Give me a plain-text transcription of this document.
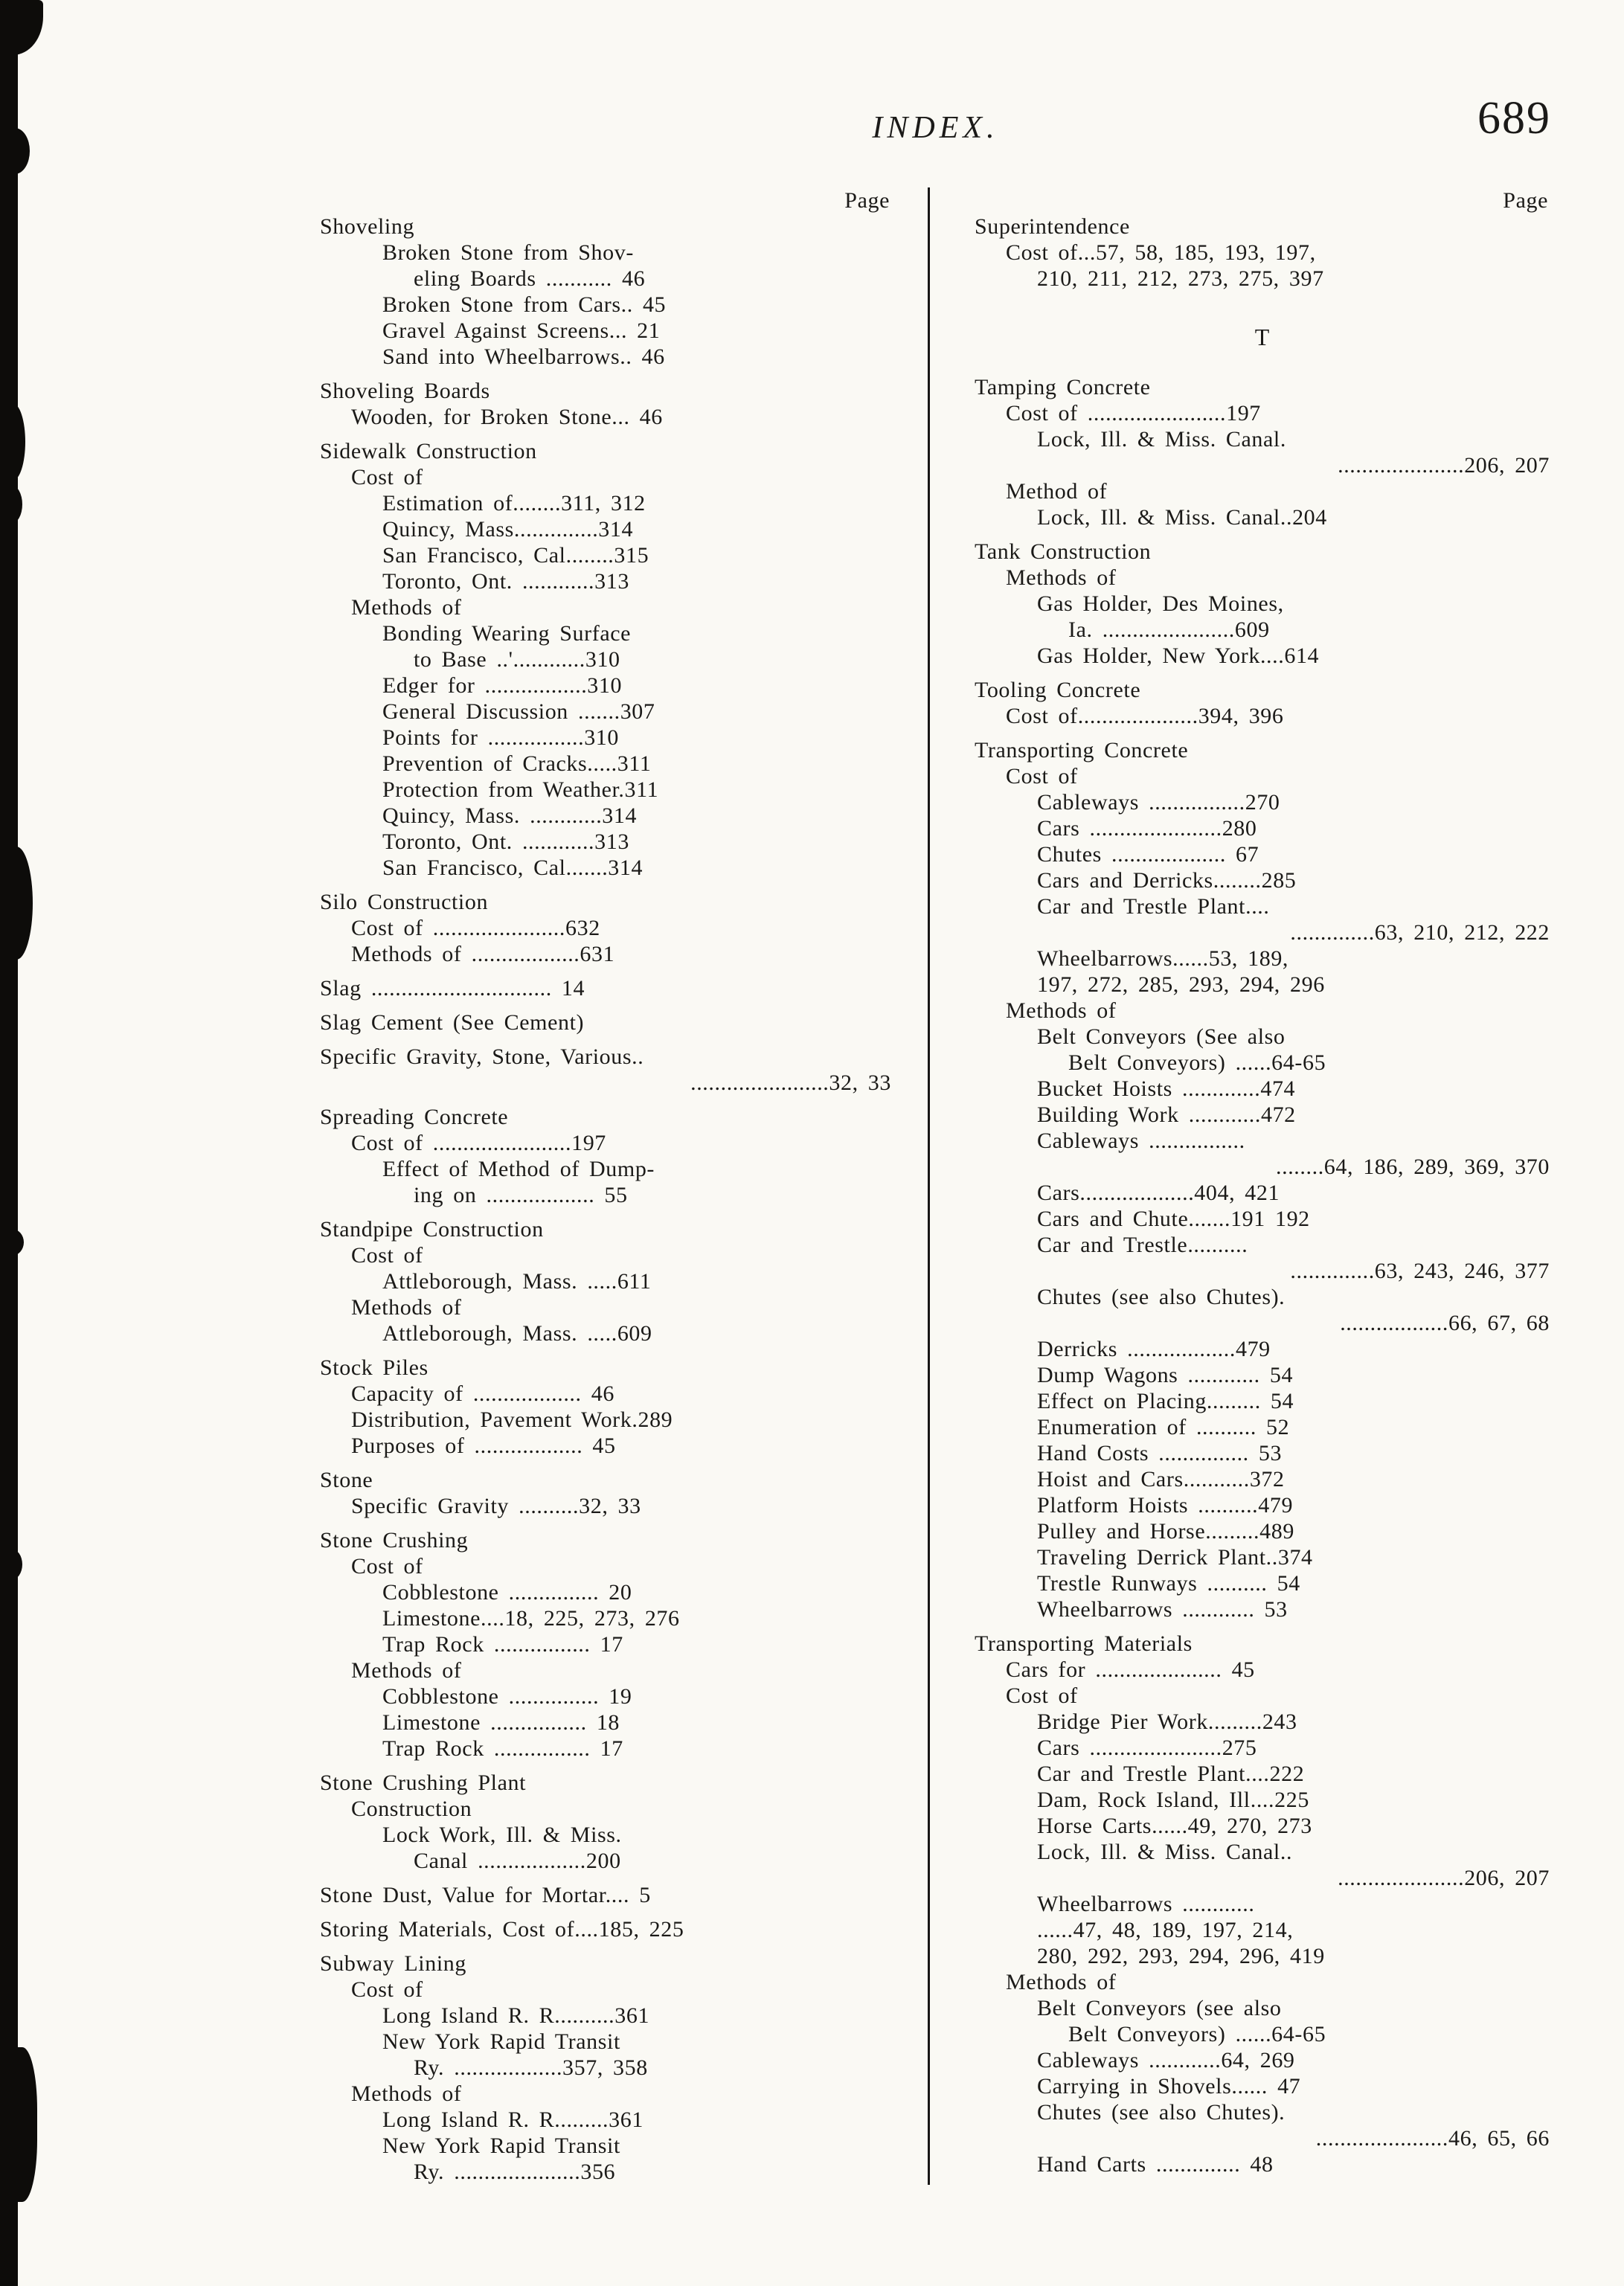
INDEX.	689
Page
Shoveling
Broken Stone from Shov-
eling Boards ........... 46
Broken Stone from Cars.. 45
Gravel Against Screens... 21
Sand into Wheelbarrows.. 46
Shoveling Boards
Wooden, for Broken Stone... 46
Sidewalk Construction
Cost of
Estimation of........311, 312
Quincy, Mass..............314
San Francisco, Cal........315
Toronto, Ont. ............313
Methods of
Bonding Wearing Surface
to Base ..'............310
Edger for .................310
General Discussion .......307
Points for ................310
Prevention of Cracks.....311
Protection from Weather.311
Quincy, Mass. ............314
Toronto, Ont. ............313
San Francisco, Cal.......314
Silo Construction
Cost of ......................632
Methods of ..................631
Slag .............................. 14
Slag Cement (See Cement)
Specific Gravity, Stone, Various..
.......................32, 33
Spreading Concrete
Cost of .......................197
Effect of Method of Dump-
ing on .................. 55
Standpipe Construction
Cost of
Attleborough, Mass. .....611
Methods of
Attleborough, Mass. .....609
Stock Piles
Capacity of .................. 46
Distribution, Pavement Work.289
Purposes of .................. 45
Stone
Specific Gravity ..........32, 33
Stone Crushing
Cost of
Cobblestone ............... 20
Limestone....18, 225, 273, 276
Trap Rock ................ 17
Methods of
Cobblestone ............... 19
Limestone ................ 18
Trap Rock ................ 17
Stone Crushing Plant
Construction
Lock Work, Ill. & Miss.
Canal ..................200
Stone Dust, Value for Mortar.... 5
Storing Materials, Cost of....185, 225
Subway Lining
Cost of
Long Island R. R..........361
New York Rapid Transit
Ry. ..................357, 358
Methods of
Long Island R. R.........361
New York Rapid Transit
Ry. .....................356
Page
Superintendence
Cost of...57, 58, 185, 193, 197,
210, 211, 212, 273, 275, 397
T
Tamping Concrete
Cost of .......................197
Lock, Ill. & Miss. Canal.
.....................206, 207
Method of
Lock, Ill. & Miss. Canal..204
Tank Construction
Methods of
Gas Holder, Des Moines,
Ia. ......................609
Gas Holder, New York....614
Tooling Concrete
Cost of....................394, 396
Transporting Concrete
Cost of
Cableways ................270
Cars ......................280
Chutes ................... 67
Cars and Derricks........285
Car and Trestle Plant....
..............63, 210, 212, 222
Wheelbarrows......53, 189,
197, 272, 285, 293, 294, 296
Methods of
Belt Conveyors (See also
Belt Conveyors) ......64-65
Bucket Hoists .............474
Building Work ............472
Cableways ................
........64, 186, 289, 369, 370
Cars...................404, 421
Cars and Chute.......191 192
Car and Trestle..........
..............63, 243, 246, 377
Chutes (see also Chutes).
..................66, 67, 68
Derricks ..................479
Dump Wagons ............ 54
Effect on Placing......... 54
Enumeration of .......... 52
Hand Costs ............... 53
Hoist and Cars...........372
Platform Hoists ..........479
Pulley and Horse.........489
Traveling Derrick Plant..374
Trestle Runways .......... 54
Wheelbarrows ............ 53
Transporting Materials
Cars for ..................... 45
Cost of
Bridge Pier Work.........243
Cars ......................275
Car and Trestle Plant....222
Dam, Rock Island, Ill....225
Horse Carts......49, 270, 273
Lock, Ill. & Miss. Canal..
.....................206, 207
Wheelbarrows ............
......47, 48, 189, 197, 214,
280, 292, 293, 294, 296, 419
Methods of
Belt Conveyors (see also
Belt Conveyors) ......64-65
Cableways ............64, 269
Carrying in Shovels...... 47
Chutes (see also Chutes).
......................46, 65, 66
Hand Carts .............. 48
